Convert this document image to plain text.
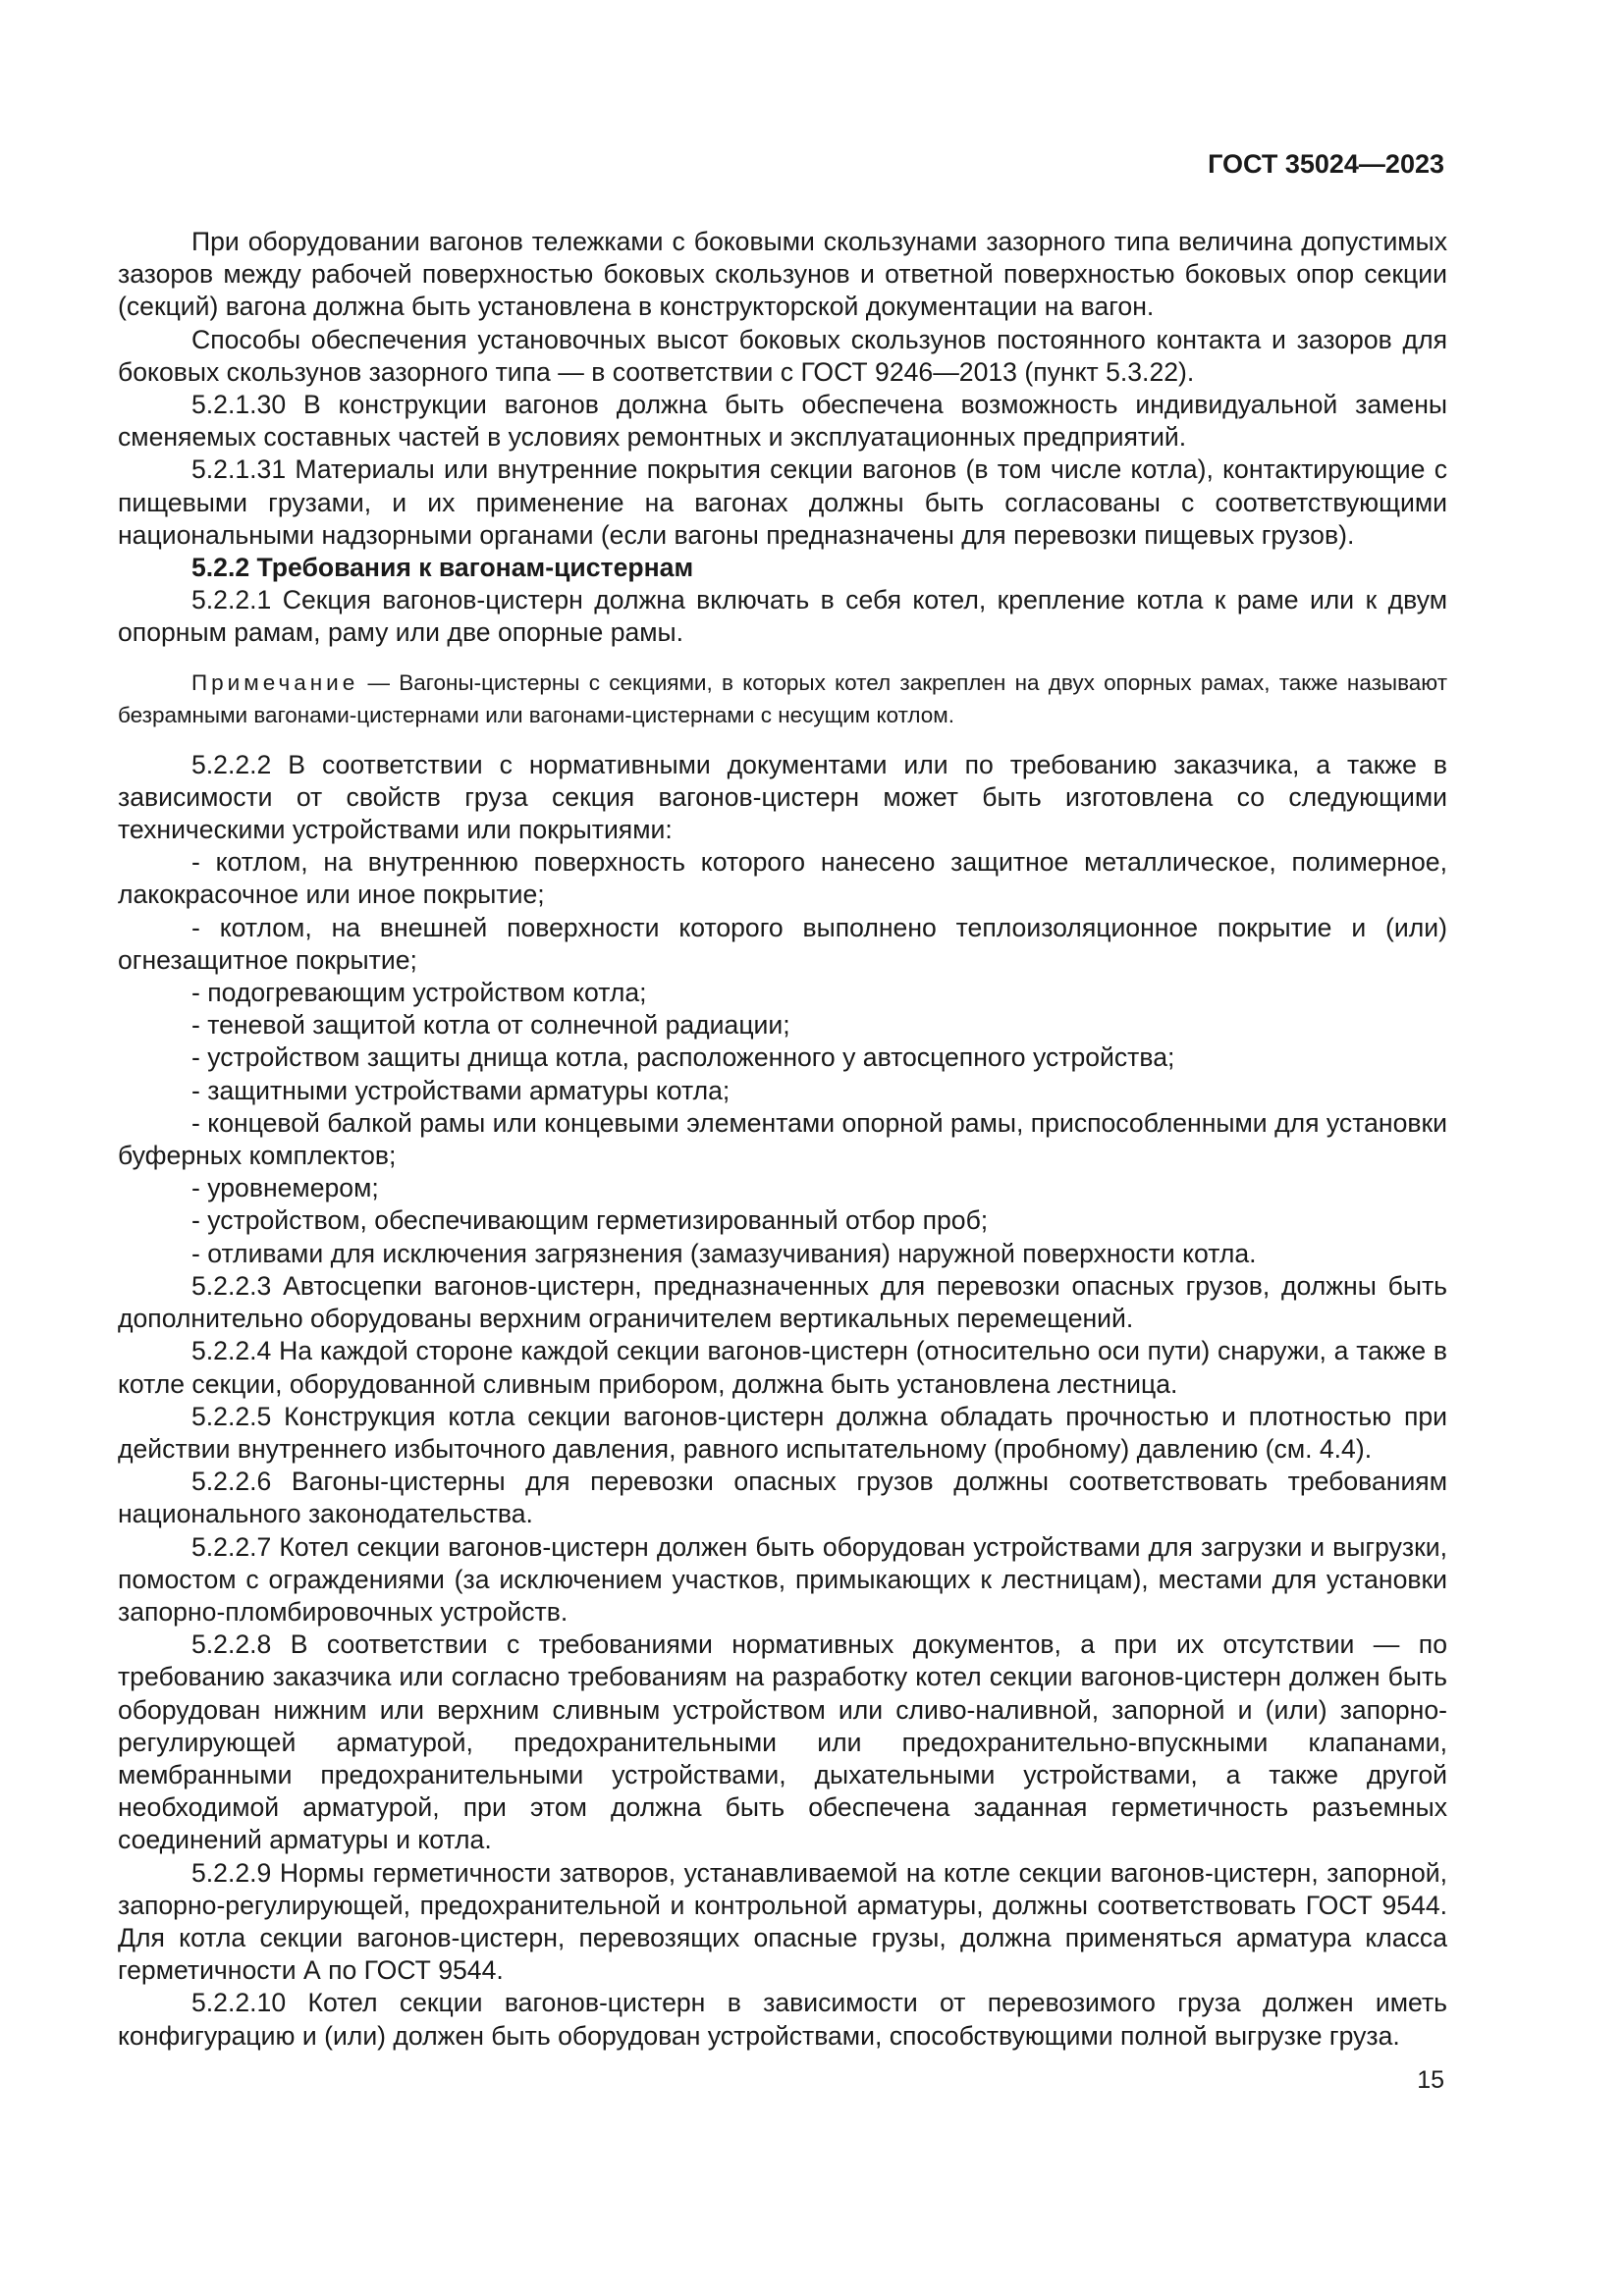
ГОСТ 35024—2023

При оборудовании вагонов тележками с боковыми скользунами зазорного типа величина допустимых зазоров между рабочей поверхностью боковых скользунов и ответной поверхностью боковых опор секции (секций) вагона должна быть установлена в конструкторской документации на вагон.

Способы обеспечения установочных высот боковых скользунов постоянного контакта и зазоров для боковых скользунов зазорного типа — в соответствии с ГОСТ 9246—2013 (пункт 5.3.22).

5.2.1.30 В конструкции вагонов должна быть обеспечена возможность индивидуальной замены сменяемых составных частей в условиях ремонтных и эксплуатационных предприятий.

5.2.1.31 Материалы или внутренние покрытия секции вагонов (в том числе котла), контактирующие с пищевыми грузами, и их применение на вагонах должны быть согласованы с соответствующими национальными надзорными органами (если вагоны предназначены для перевозки пищевых грузов).

5.2.2 Требования к вагонам-цистернам

5.2.2.1 Секция вагонов-цистерн должна включать в себя котел, крепление котла к раме или к двум опорным рамам, раму или две опорные рамы.

Примечание — Вагоны-цистерны с секциями, в которых котел закреплен на двух опорных рамах, также называют безрамными вагонами-цистернами или вагонами-цистернами с несущим котлом.

5.2.2.2 В соответствии с нормативными документами или по требованию заказчика, а также в зависимости от свойств груза секция вагонов-цистерн может быть изготовлена со следующими техническими устройствами или покрытиями:

- котлом, на внутреннюю поверхность которого нанесено защитное металлическое, полимерное, лакокрасочное или иное покрытие;

- котлом, на внешней поверхности которого выполнено теплоизоляционное покрытие и (или) огнезащитное покрытие;

- подогревающим устройством котла;

- теневой защитой котла от солнечной радиации;

- устройством защиты днища котла, расположенного у автосцепного устройства;

- защитными устройствами арматуры котла;

- концевой балкой рамы или концевыми элементами опорной рамы, приспособленными для установки буферных комплектов;

- уровнемером;

- устройством, обеспечивающим герметизированный отбор проб;

- отливами для исключения загрязнения (замазучивания) наружной поверхности котла.

5.2.2.3 Автосцепки вагонов-цистерн, предназначенных для перевозки опасных грузов, должны быть дополнительно оборудованы верхним ограничителем вертикальных перемещений.

5.2.2.4 На каждой стороне каждой секции вагонов-цистерн (относительно оси пути) снаружи, а также в котле секции, оборудованной сливным прибором, должна быть установлена лестница.

5.2.2.5 Конструкция котла секции вагонов-цистерн должна обладать прочностью и плотностью при действии внутреннего избыточного давления, равного испытательному (пробному) давлению (см. 4.4).

5.2.2.6 Вагоны-цистерны для перевозки опасных грузов должны соответствовать требованиям национального законодательства.

5.2.2.7 Котел секции вагонов-цистерн должен быть оборудован устройствами для загрузки и выгрузки, помостом с ограждениями (за исключением участков, примыкающих к лестницам), местами для установки запорно-пломбировочных устройств.

5.2.2.8 В соответствии с требованиями нормативных документов, а при их отсутствии — по требованию заказчика или согласно требованиям на разработку котел секции вагонов-цистерн должен быть оборудован нижним или верхним сливным устройством или сливо-наливной, запорной и (или) запорно-регулирующей арматурой, предохранительными или предохранительно-впускными клапанами, мембранными предохранительными устройствами, дыхательными устройствами, а также другой необходимой арматурой, при этом должна быть обеспечена заданная герметичность разъемных соединений арматуры и котла.

5.2.2.9 Нормы герметичности затворов, устанавливаемой на котле секции вагонов-цистерн, запорной, запорно-регулирующей, предохранительной и контрольной арматуры, должны соответствовать ГОСТ 9544. Для котла секции вагонов-цистерн, перевозящих опасные грузы, должна применяться арматура класса герметичности А по ГОСТ 9544.

5.2.2.10 Котел секции вагонов-цистерн в зависимости от перевозимого груза должен иметь конфигурацию и (или) должен быть оборудован устройствами, способствующими полной выгрузке груза.

15
